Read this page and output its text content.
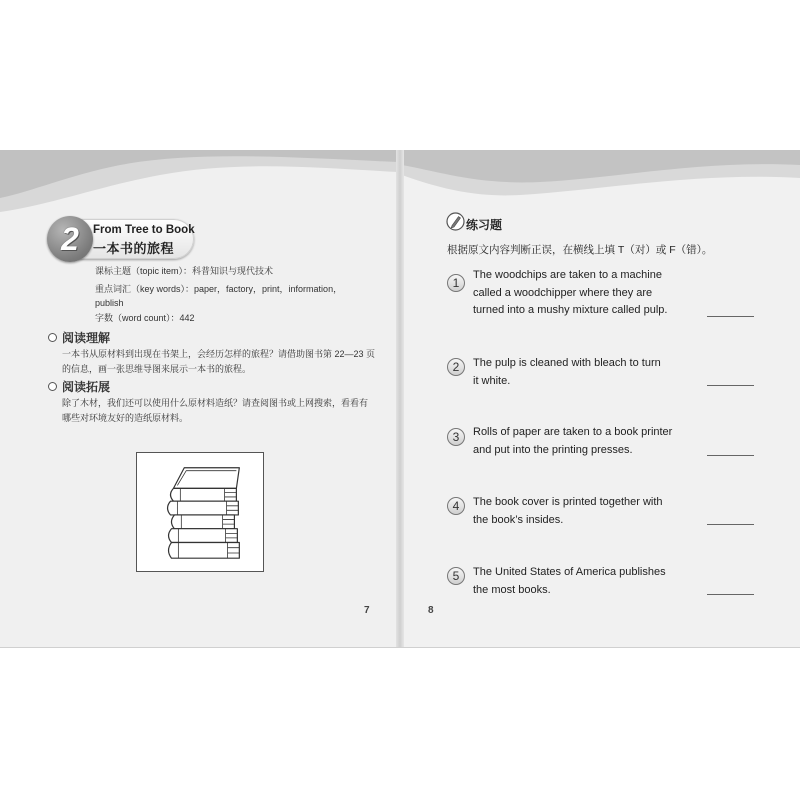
2	From Tree to Book
一本书的旅程
课标主题（topic item）：科普知识与现代技术
重点词汇（key words）：paper，factory，print，information，
publish
字数（word count）：442
阅读理解
一本书从原材料到出现在书架上，会经历怎样的旅程？请借助图书第 22—23 页
的信息，画一张思维导图来展示一本书的旅程。
阅读拓展
除了木材，我们还可以使用什么原材料造纸？请查阅图书或上网搜索，看看有
哪些对环境友好的造纸原材料。
7
练习题
根据原文内容判断正误，在横线上填 T（对）或 F（错）。
1
The woodchips are taken to a machine
called a woodchipper where they are
turned into a mushy mixture called pulp.
2	The pulp is cleaned with bleach to turn
it white.
3	Rolls of paper are taken to a book printer
and put into the printing presses.
4	The book cover is printed together with
the book’s insides.
5	The United States of America publishes
the most books.
8
